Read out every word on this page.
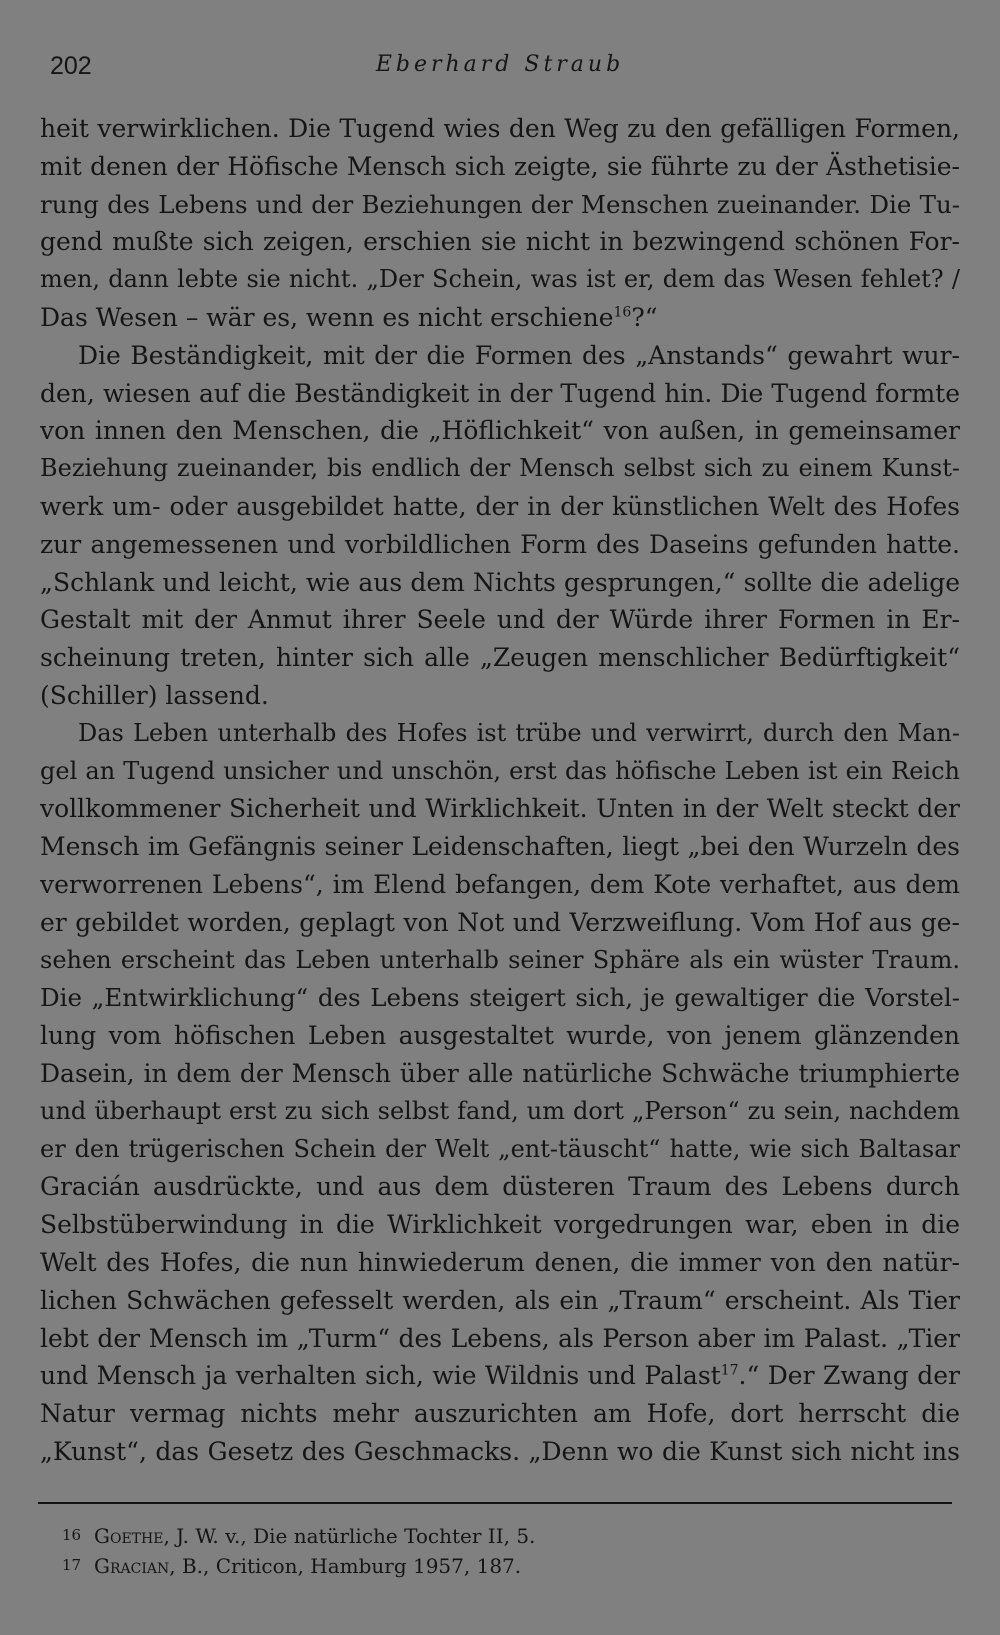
202	Eberhard Straub
heit verwirklichen. Die Tugend wies den Weg zu den gefälligen Formen,
mit denen der Höfische Mensch sich zeigte, sie führte zu der Ästhetisie-
rung des Lebens und der Beziehungen der Menschen zueinander. Die Tu-
gend mußte sich zeigen, erschien sie nicht in bezwingend schönen For-
men, dann lebte sie nicht. „Der Schein, was ist er, dem das Wesen fehlet? /
Das Wesen – wär es, wenn es nicht erschiene$^{16}$?“
Die Beständigkeit, mit der die Formen des „Anstands“ gewahrt wur-
den, wiesen auf die Beständigkeit in der Tugend hin. Die Tugend formte
von innen den Menschen, die „Höflichkeit“ von außen, in gemeinsamer
Beziehung zueinander, bis endlich der Mensch selbst sich zu einem Kunst-
werk um- oder ausgebildet hatte, der in der künstlichen Welt des Hofes
zur angemessenen und vorbildlichen Form des Daseins gefunden hatte.
„Schlank und leicht, wie aus dem Nichts gesprungen,“ sollte die adelige
Gestalt mit der Anmut ihrer Seele und der Würde ihrer Formen in Er-
scheinung treten, hinter sich alle „Zeugen menschlicher Bedürftigkeit“
(Schiller) lassend.
Das Leben unterhalb des Hofes ist trübe und verwirrt, durch den Man-
gel an Tugend unsicher und unschön, erst das höfische Leben ist ein Reich
vollkommener Sicherheit und Wirklichkeit. Unten in der Welt steckt der
Mensch im Gefängnis seiner Leidenschaften, liegt „bei den Wurzeln des
verworrenen Lebens“, im Elend befangen, dem Kote verhaftet, aus dem
er gebildet worden, geplagt von Not und Verzweiflung. Vom Hof aus ge-
sehen erscheint das Leben unterhalb seiner Sphäre als ein wüster Traum.
Die „Entwirklichung“ des Lebens steigert sich, je gewaltiger die Vorstel-
lung vom höfischen Leben ausgestaltet wurde, von jenem glänzenden
Dasein, in dem der Mensch über alle natürliche Schwäche triumphierte
und überhaupt erst zu sich selbst fand, um dort „Person“ zu sein, nachdem
er den trügerischen Schein der Welt „ent-täuscht“ hatte, wie sich Baltasar
Gracián ausdrückte, und aus dem düsteren Traum des Lebens durch
Selbstüberwindung in die Wirklichkeit vorgedrungen war, eben in die
Welt des Hofes, die nun hinwiederum denen, die immer von den natür-
lichen Schwächen gefesselt werden, als ein „Traum“ erscheint. Als Tier
lebt der Mensch im „Turm“ des Lebens, als Person aber im Palast. „Tier
und Mensch ja verhalten sich, wie Wildnis und Palast$^{17}$.“ Der Zwang der
Natur vermag nichts mehr auszurichten am Hofe, dort herrscht die
„Kunst“, das Gesetz des Geschmacks. „Denn wo die Kunst sich nicht ins
16 Goethe, J. W. v., Die natürliche Tochter II, 5.
17 Gracian, B., Criticon, Hamburg 1957, 187.
